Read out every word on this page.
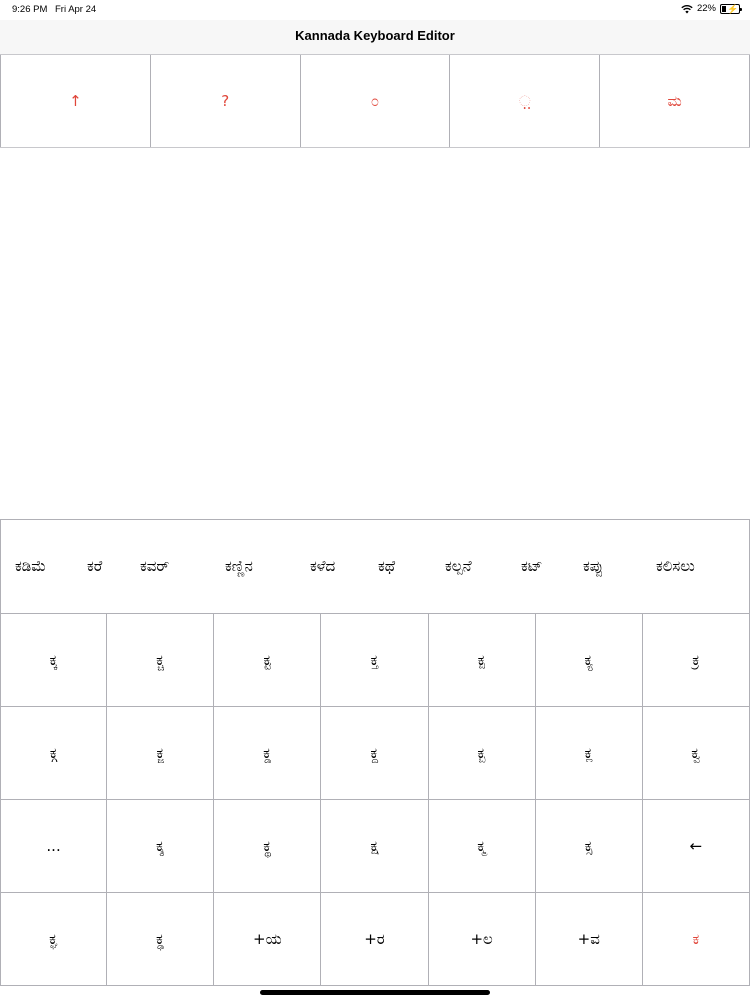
9:26 PM Fri Apr 24	22% ⚡
Kannada Keyboard Editor
↑	?	೦	಼	ಮ
ಕಡಿಮೆ	ಕರೆ	ಕವರ್	ಕಣ್ಣಿನ	ಕಳೆದ	ಕಥೆ	ಕಲ್ಪನೆ	ಕಟ್	ಕಪ್ಪು	ಕಲಿಸಲು
ಕ್ಕ	ಕ್ಚ	ಕ್ಟ	ಕ್ತ	ಕ್ಪ	ಕ್ಯ	ಕ್ರ
ಕ್ಗ	ಕ್ಜ	ಕ್ಡ	ಕ್ದ	ಕ್ಬ	ಕ್ಲ	ಕ್ವ
...	ಕ್ಶ	ಕ್ಥ	ಕ್ಷ	ಕ್ಮ	ಕ್ಸ	←
ಕ್ಘ	ಕ್ಢ	+ಯ	+ರ	+ಲ	+ವ	ಕ
